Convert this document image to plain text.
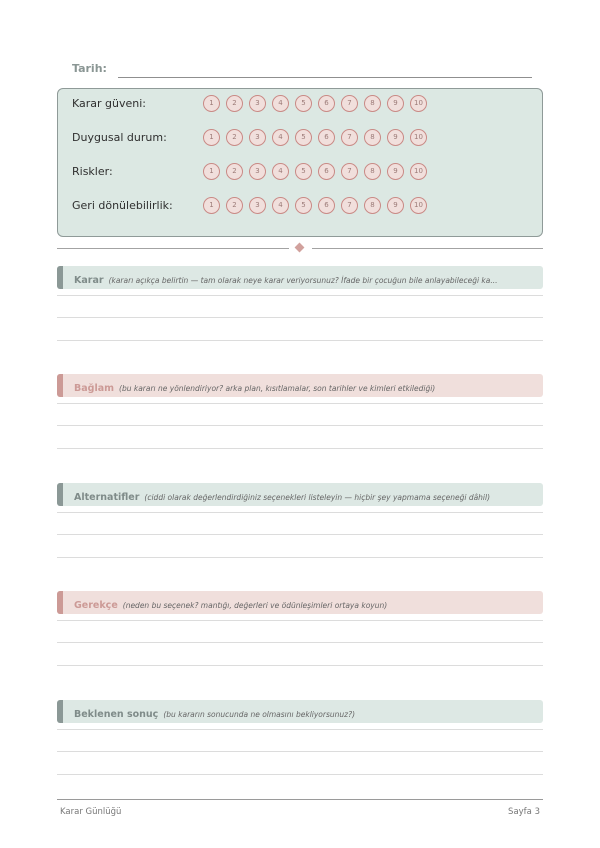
Tarih:
Karar güveni:	1	2	3	4	5	6	7	8	9	10
Duygusal durum:	1	2	3	4	5	6	7	8	9	10
Riskler:	1	2	3	4	5	6	7	8	9	10
Geri dönülebilirlik:	1	2	3	4	5	6	7	8	9	10
Karar (kararı açıkça belirtin — tam olarak neye karar veriyorsunuz? İfade bir çocuğun bile anlayabileceği ka...
Bağlam (bu kararı ne yönlendiriyor? arka plan, kısıtlamalar, son tarihler ve kimleri etkilediği)
Alternatifler (ciddi olarak değerlendirdiğiniz seçenekleri listeleyin — hiçbir şey yapmama seçeneği dâhil)
Gerekçe (neden bu seçenek? mantığı, değerleri ve ödünleşimleri ortaya koyun)
Beklenen sonuç (bu kararın sonucunda ne olmasını bekliyorsunuz?)
Karar Günlüğü	Sayfa 3
